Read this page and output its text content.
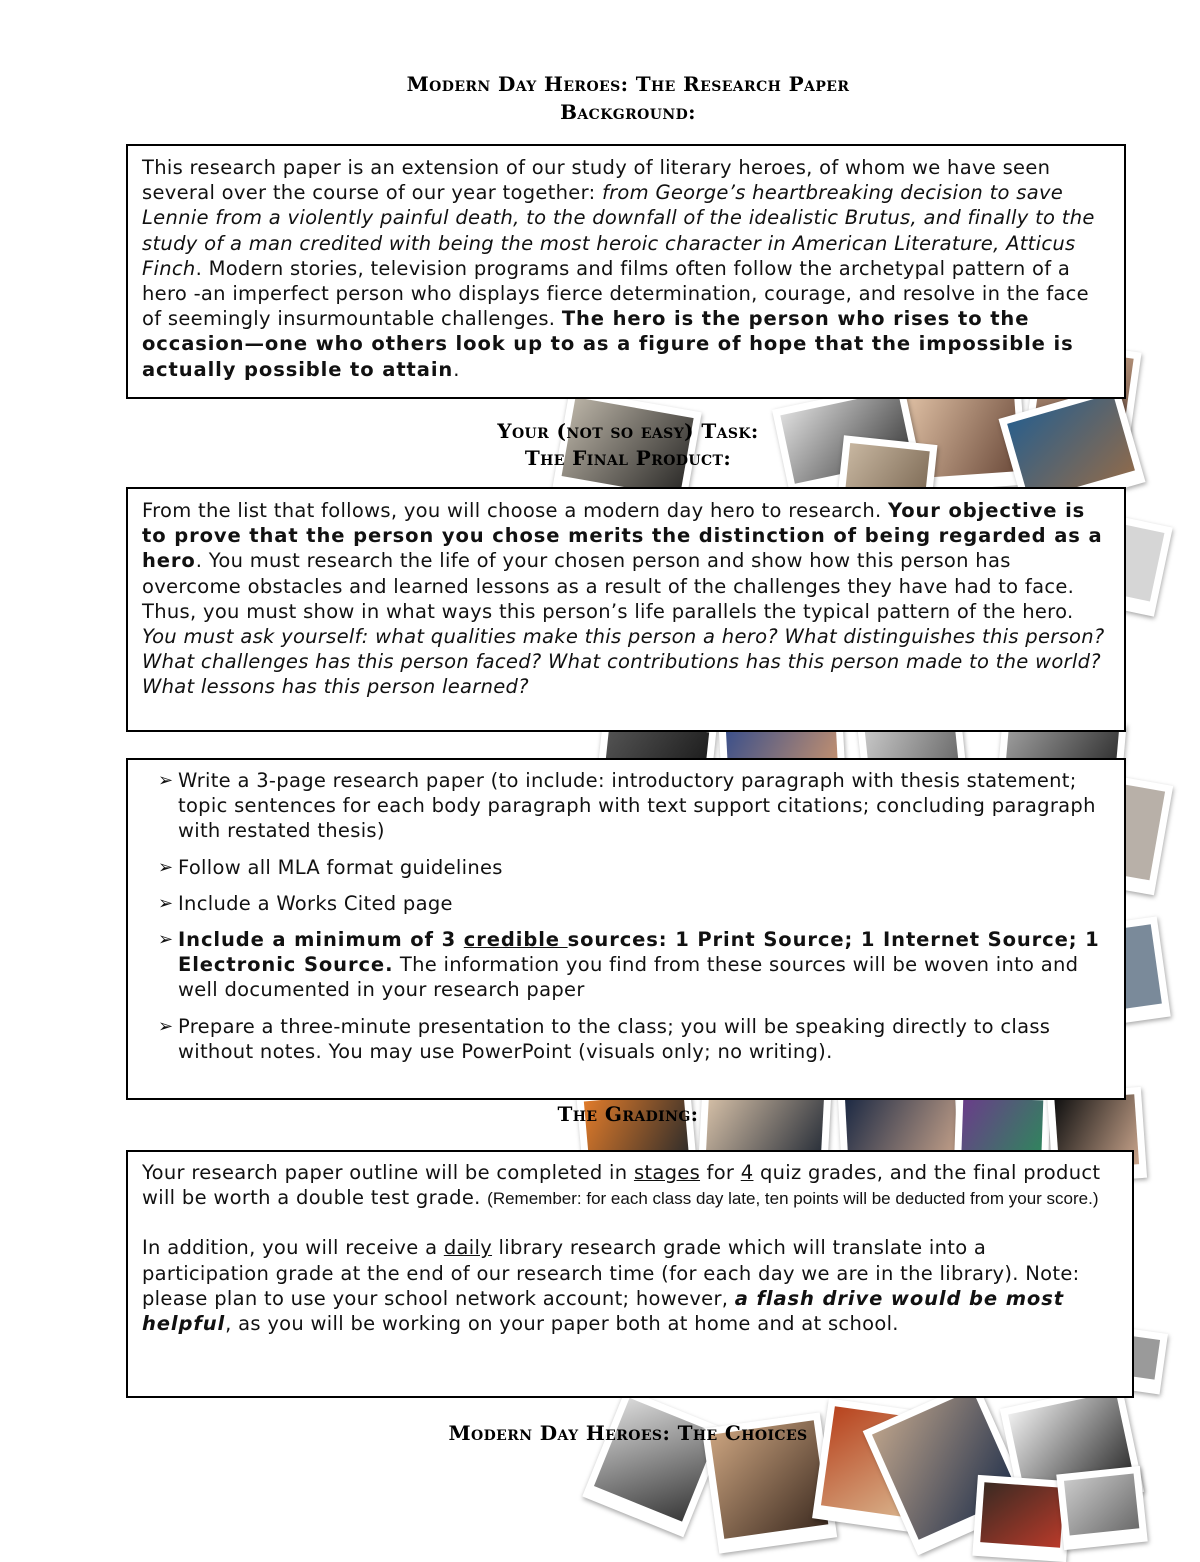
Modern Day Heroes: The Research Paper
Background:
Your (not so easy) Task:
The Final Product:
The Grading:
Modern Day Heroes: The Choices

This research paper is an extension of our study of literary heroes, of whom we have seen several over the course of our year together: from George’s heartbreaking decision to save Lennie from a violently painful death, to the downfall of the idealistic Brutus, and finally to the study of a man credited with being the most heroic character in American Literature, Atticus Finch. Modern stories, television programs and films often follow the archetypal pattern of a hero -an imperfect person who displays fierce determination, courage, and resolve in the face of seemingly insurmountable challenges. The hero is the person who rises to the occasion—one who others look up to as a figure of hope that the impossible is actually possible to attain.

From the list that follows, you will choose a modern day hero to research. Your objective is to prove that the person you chose merits the distinction of being regarded as a hero. You must research the life of your chosen person and show how this person has overcome obstacles and learned lessons as a result of the challenges they have had to face. Thus, you must show in what ways this person’s life parallels the typical pattern of the hero. You must ask yourself: what qualities make this person a hero? What distinguishes this person? What challenges has this person faced? What contributions has this person made to the world? What lessons has this person learned?

➢ Write a 3-page research paper (to include: introductory paragraph with thesis statement; topic sentences for each body paragraph with text support citations; concluding paragraph with restated thesis)
➢ Follow all MLA format guidelines
➢ Include a Works Cited page
➢ Include a minimum of 3 credible sources: 1 Print Source; 1 Internet Source; 1 Electronic Source. The information you find from these sources will be woven into and well documented in your research paper
➢ Prepare a three-minute presentation to the class; you will be speaking directly to class without notes. You may use PowerPoint (visuals only; no writing).

Your research paper outline will be completed in stages for 4 quiz grades, and the final product will be worth a double test grade. (Remember: for each class day late, ten points will be deducted from your score.)

In addition, you will receive a daily library research grade which will translate into a participation grade at the end of our research time (for each day we are in the library). Note: please plan to use your school network account; however, a flash drive would be most helpful, as you will be working on your paper both at home and at school.
